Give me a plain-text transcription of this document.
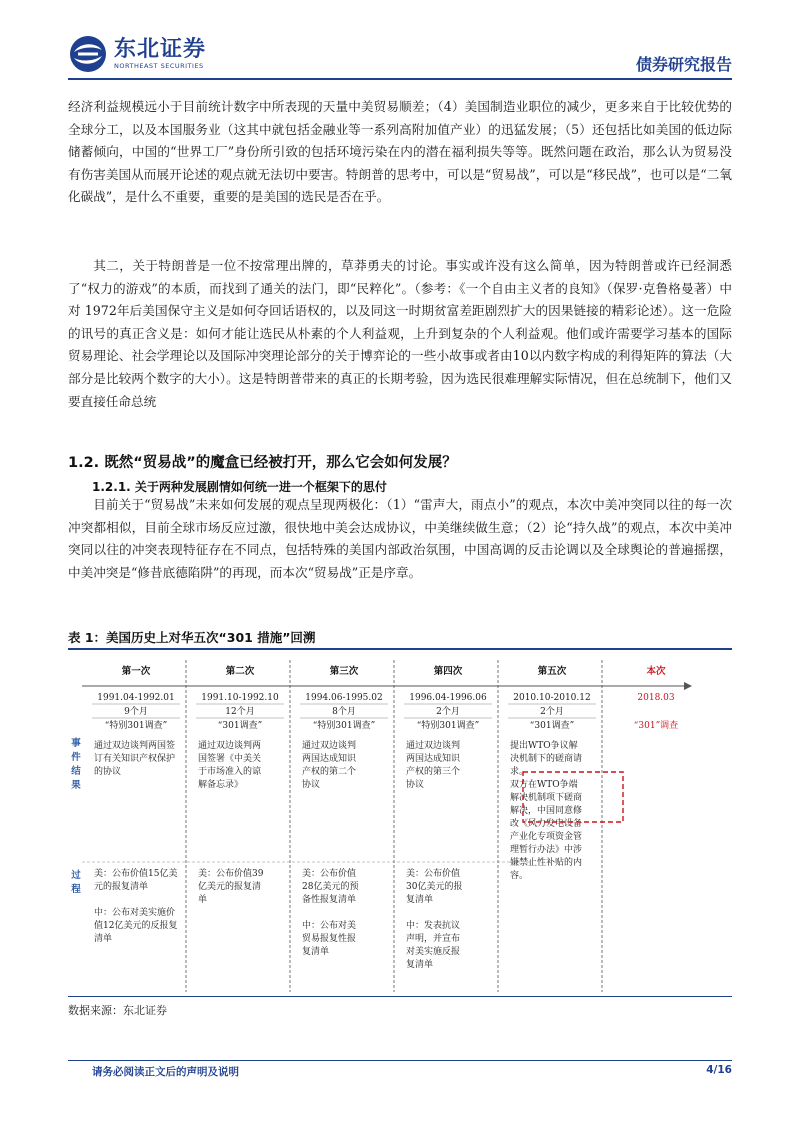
东北证券
NORTHEAST SECURITIES	债券研究报告

经济利益规模远小于目前统计数字中所表现的天量中美贸易顺差；（4）美国制造业职位的减少，更多来自于比较优势的全球分工，以及本国服务业（这其中就包括金融业等一系列高附加值产业）的迅猛发展；（5）还包括比如美国的低边际储蓄倾向，中国的“世界工厂”身份所引致的包括环境污染在内的潜在福利损失等等。既然问题在政治，那么认为贸易没有伤害美国从而展开论述的观点就无法切中要害。特朗普的思考中，可以是“贸易战”，可以是“移民战”，也可以是“二氧化碳战”，是什么不重要，重要的是美国的选民是否在乎。

其二，关于特朗普是一位不按常理出牌的，草莽勇夫的讨论。事实或许没有这么简单，因为特朗普或许已经洞悉了“权力的游戏”的本质，而找到了通关的法门，即“民粹化”。（参考：《一个自由主义者的良知》（保罗·克鲁格曼著）中对 1972年后美国保守主义是如何夺回话语权的，以及同这一时期贫富差距剧烈扩大的因果链接的精彩论述）。这一危险的讯号的真正含义是：如何才能让选民从朴素的个人利益观，上升到复杂的个人利益观。他们或许需要学习基本的国际贸易理论、社会学理论以及国际冲突理论部分的关于博弈论的一些小故事或者由10以内数字构成的利得矩阵的算法（大部分是比较两个数字的大小）。这是特朗普带来的真正的长期考验，因为选民很难理解实际情况，但在总统制下，他们又要直接任命总统

1.2. 既然“贸易战”的魔盒已经被打开，那么它会如何发展？
1.2.1. 关于两种发展剧情如何统一进一个框架下的思付

目前关于“贸易战”未来如何发展的观点呈现两极化：（1）“雷声大，雨点小”的观点，本次中美冲突同以往的每一次冲突都相似，目前全球市场反应过激，很快地中美会达成协议，中美继续做生意；（2）论“持久战”的观点，本次中美冲突同以往的冲突表现特征存在不同点，包括特殊的美国内部政治氛围，中国高调的反击论调以及全球舆论的普遍摇摆，中美冲突是“修昔底德陷阱”的再现，而本次“贸易战”正是序章。

表 1：美国历史上对华五次“301 措施”回溯
第一次
1991.04-1992.01
9个月
“特别301调查”
通过双边谈判两国签
订有关知识产权保护
的协议
美：公布价值15亿美
元的报复清单
中：公布对美实施价
值12亿美元的反报复
清单
第二次
1991.10-1992.10
12个月
“301调查”
通过双边谈判两
国签署《中美关
于市场准入的谅
解备忘录》
美：公布价值39
亿美元的报复清
单
第三次
1994.06-1995.02
8个月
“特别301调查”
通过双边谈判
两国达成知识
产权的第二个
协议
美：公布价值
28亿美元的预
备性报复清单
中：公布对美
贸易报复性报
复清单
第四次
1996.04-1996.06
2个月
“特别301调查”
通过双边谈判
两国达成知识
产权的第三个
协议
美：公布价值
30亿美元的报
复清单
中：发表抗议
声明，并宣布
对美实施反报
复清单
第五次
2010.10-2010.12
2个月
“301调查”
提出WTO争议解
决机制下的磋商请
求。
双方在WTO争端
解决机制项下磋商
解决，中国同意修
改《风力发电设备
产业化专项资金管
理暂行办法》中涉
嫌禁止性补贴的内
容。
本次
2018.03
“301”调查
事
件
结
果
过
程
数据来源：东北证券
请务必阅读正文后的声明及说明	4/16
